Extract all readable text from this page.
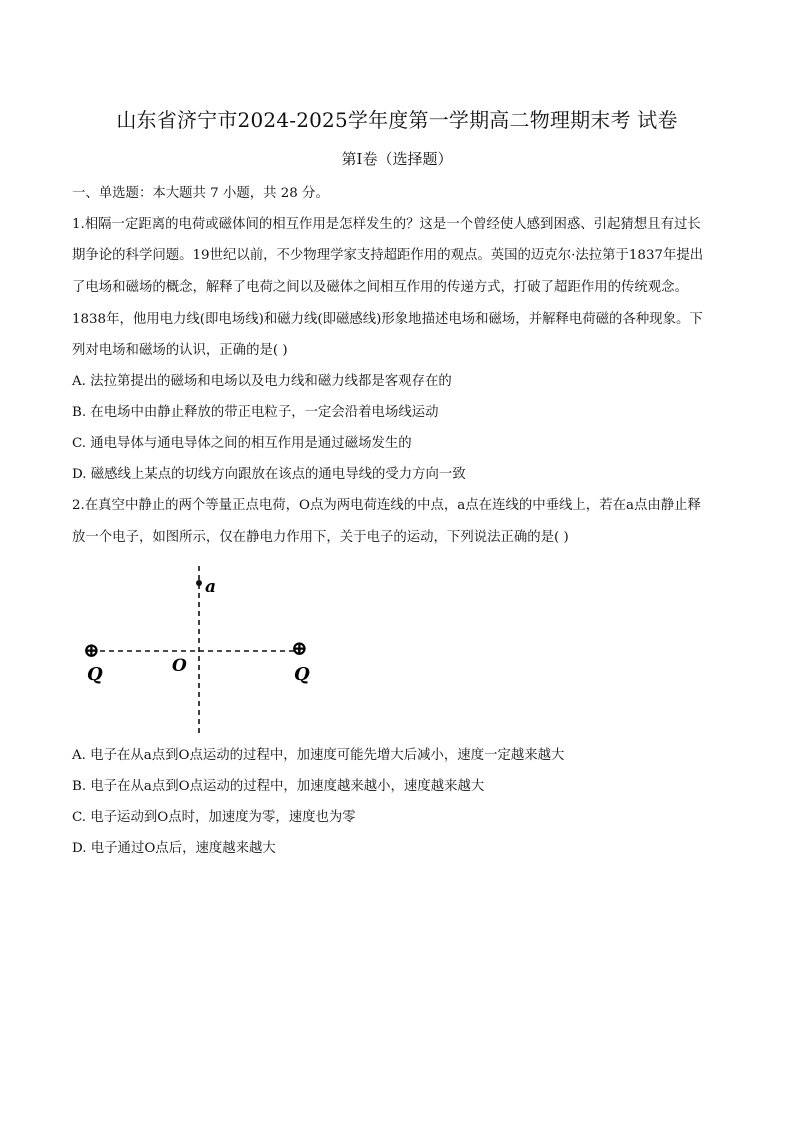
山东省济宁市2024-2025学年度第一学期高二物理期末考 试卷
第I卷（选择题）
一、单选题：本大题共 7 小题，共 28 分。
1.相隔一定距离的电荷或磁体间的相互作用是怎样发生的？这是一个曾经使人感到困惑、引起猜想且有过长
期争论的科学问题。19世纪以前，不少物理学家支持超距作用的观点。英国的迈克尔·法拉第于1837年提出
了电场和磁场的概念，解释了电荷之间以及磁体之间相互作用的传递方式，打破了超距作用的传统观念。
1838年，他用电力线(即电场线)和磁力线(即磁感线)形象地描述电场和磁场，并解释电荷磁的各种现象。下
列对电场和磁场的认识，正确的是( )
A. 法拉第提出的磁场和电场以及电力线和磁力线都是客观存在的
B. 在电场中由静止释放的带正电粒子，一定会沿着电场线运动
C. 通电导体与通电导体之间的相互作用是通过磁场发生的
D. 磁感线上某点的切线方向跟放在该点的通电导线的受力方向一致
2.在真空中静止的两个等量正点电荷，O点为两电荷连线的中点，a点在连线的中垂线上，若在a点由静止释
放一个电子，如图所示，仅在静电力作用下，关于电子的运动，下列说法正确的是( )
a
O
⊕
Q
⊕
Q
A. 电子在从a点到O点运动的过程中，加速度可能先增大后减小，速度一定越来越大
B. 电子在从a点到O点运动的过程中，加速度越来越小，速度越来越大
C. 电子运动到O点时，加速度为零，速度也为零
D. 电子通过O点后，速度越来越大
